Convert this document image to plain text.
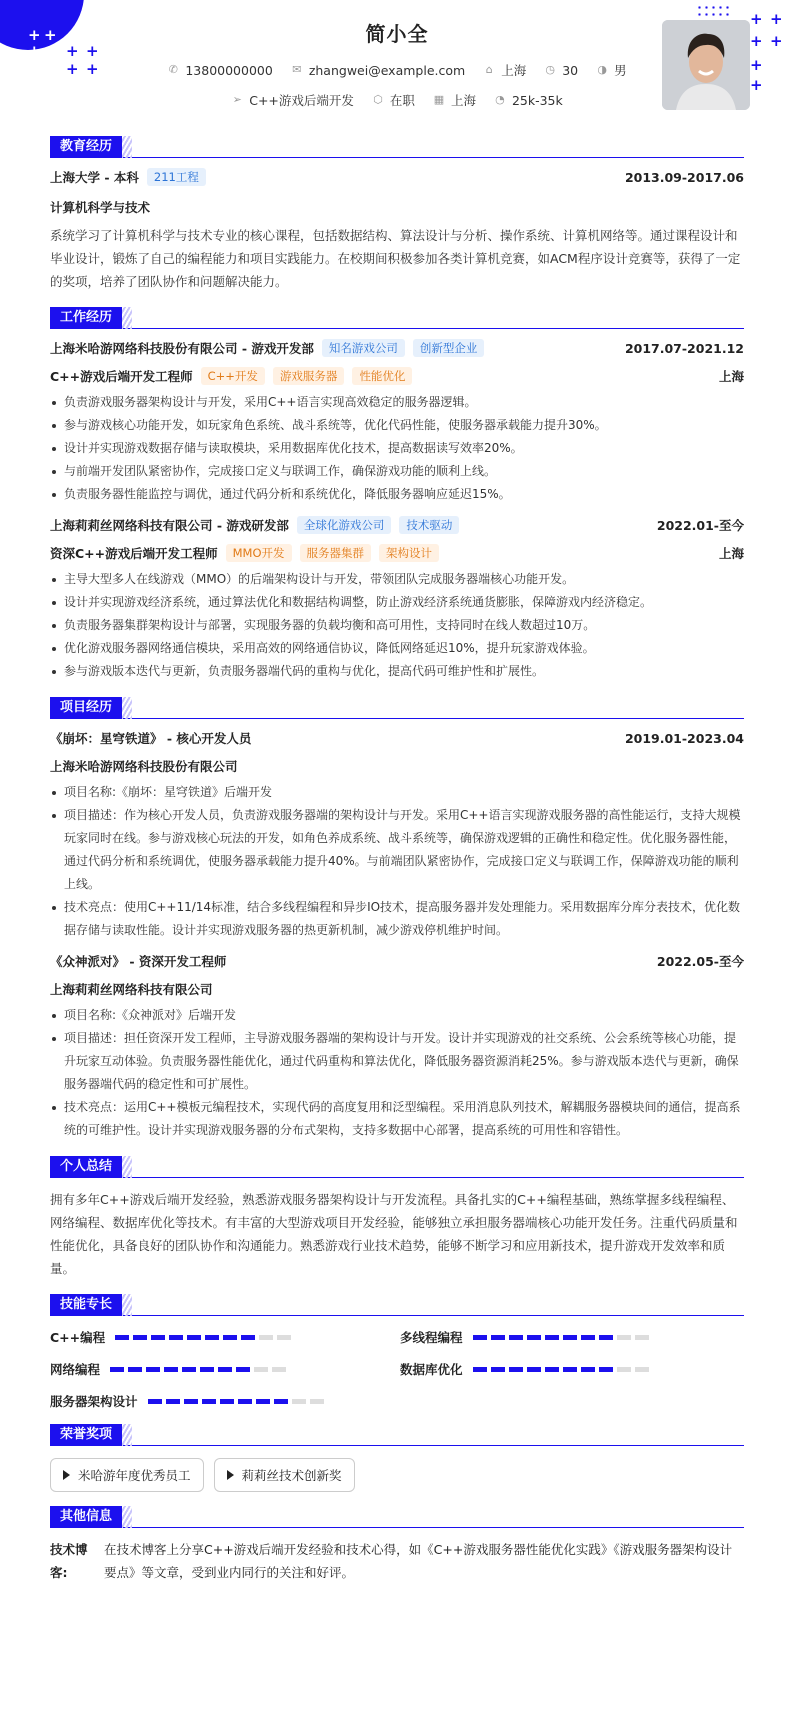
+ +
+ + + +
+ +
+ +
+ +
+
+
简小全
✆ 13800000000 ✉ zhangwei@example.com ⌂ 上海 ◷ 30 ◑ 男
➢ C++游戏后端开发 ⬡ 在职 ▦ 上海 ◔ 25k-35k
教育经历
上海大学 - 本科	211工程	2013.09-2017.06
计算机科学与技术
系统学习了计算机科学与技术专业的核心课程，包括数据结构、算法设计与分析、操作系统、计算机网络等。通过课程设计和毕业设计，锻炼了自己的编程能力和项目实践能力。在校期间积极参加各类计算机竞赛，如ACM程序设计竞赛等，获得了一定的奖项，培养了团队协作和问题解决能力。
工作经历
上海米哈游网络科技股份有限公司 - 游戏开发部	知名游戏公司	创新型企业	2017.07-2021.12
C++游戏后端开发工程师	C++开发	游戏服务器	性能优化	上海
负责游戏服务器架构设计与开发，采用C++语言实现高效稳定的服务器逻辑。
参与游戏核心功能开发，如玩家角色系统、战斗系统等，优化代码性能，使服务器承载能力提升30%。
设计并实现游戏数据存储与读取模块，采用数据库优化技术，提高数据读写效率20%。
与前端开发团队紧密协作，完成接口定义与联调工作，确保游戏功能的顺利上线。
负责服务器性能监控与调优，通过代码分析和系统优化，降低服务器响应延迟15%。
上海莉莉丝网络科技有限公司 - 游戏研发部	全球化游戏公司	技术驱动	2022.01-至今
资深C++游戏后端开发工程师	MMO开发	服务器集群	架构设计	上海
主导大型多人在线游戏（MMO）的后端架构设计与开发，带领团队完成服务器端核心功能开发。
设计并实现游戏经济系统，通过算法优化和数据结构调整，防止游戏经济系统通货膨胀，保障游戏内经济稳定。
负责服务器集群架构设计与部署，实现服务器的负载均衡和高可用性，支持同时在线人数超过10万。
优化游戏服务器网络通信模块，采用高效的网络通信协议，降低网络延迟10%，提升玩家游戏体验。
参与游戏版本迭代与更新，负责服务器端代码的重构与优化，提高代码可维护性和扩展性。
项目经历
《崩坏：星穹铁道》 - 核心开发人员	2019.01-2023.04
上海米哈游网络科技股份有限公司
项目名称:《崩坏：星穹铁道》后端开发
项目描述：作为核心开发人员，负责游戏服务器端的架构设计与开发。采用C++语言实现游戏服务器的高性能运行，支持大规模玩家同时在线。参与游戏核心玩法的开发，如角色养成系统、战斗系统等，确保游戏逻辑的正确性和稳定性。优化服务器性能，通过代码分析和系统调优，使服务器承载能力提升40%。与前端团队紧密协作，完成接口定义与联调工作，保障游戏功能的顺利上线。
技术亮点：使用C++11/14标准，结合多线程编程和异步IO技术，提高服务器并发处理能力。采用数据库分库分表技术，优化数据存储与读取性能。设计并实现游戏服务器的热更新机制，减少游戏停机维护时间。
《众神派对》 - 资深开发工程师	2022.05-至今
上海莉莉丝网络科技有限公司
项目名称:《众神派对》后端开发
项目描述：担任资深开发工程师，主导游戏服务器端的架构设计与开发。设计并实现游戏的社交系统、公会系统等核心功能，提升玩家互动体验。负责服务器性能优化，通过代码重构和算法优化，降低服务器资源消耗25%。参与游戏版本迭代与更新，确保服务器端代码的稳定性和可扩展性。
技术亮点：运用C++模板元编程技术，实现代码的高度复用和泛型编程。采用消息队列技术，解耦服务器模块间的通信，提高系统的可维护性。设计并实现游戏服务器的分布式架构，支持多数据中心部署，提高系统的可用性和容错性。
个人总结
拥有多年C++游戏后端开发经验，熟悉游戏服务器架构设计与开发流程。具备扎实的C++编程基础，熟练掌握多线程编程、网络编程、数据库优化等技术。有丰富的大型游戏项目开发经验，能够独立承担服务器端核心功能开发任务。注重代码质量和性能优化，具备良好的团队协作和沟通能力。熟悉游戏行业技术趋势，能够不断学习和应用新技术，提升游戏开发效率和质量。
技能专长
C++编程	多线程编程
网络编程	数据库优化
服务器架构设计
荣誉奖项
米哈游年度优秀员工	莉莉丝技术创新奖
其他信息
技术博客:
在技术博客上分享C++游戏后端开发经验和技术心得，如《C++游戏服务器性能优化实践》《游戏服务器架构设计要点》等文章，受到业内同行的关注和好评。
